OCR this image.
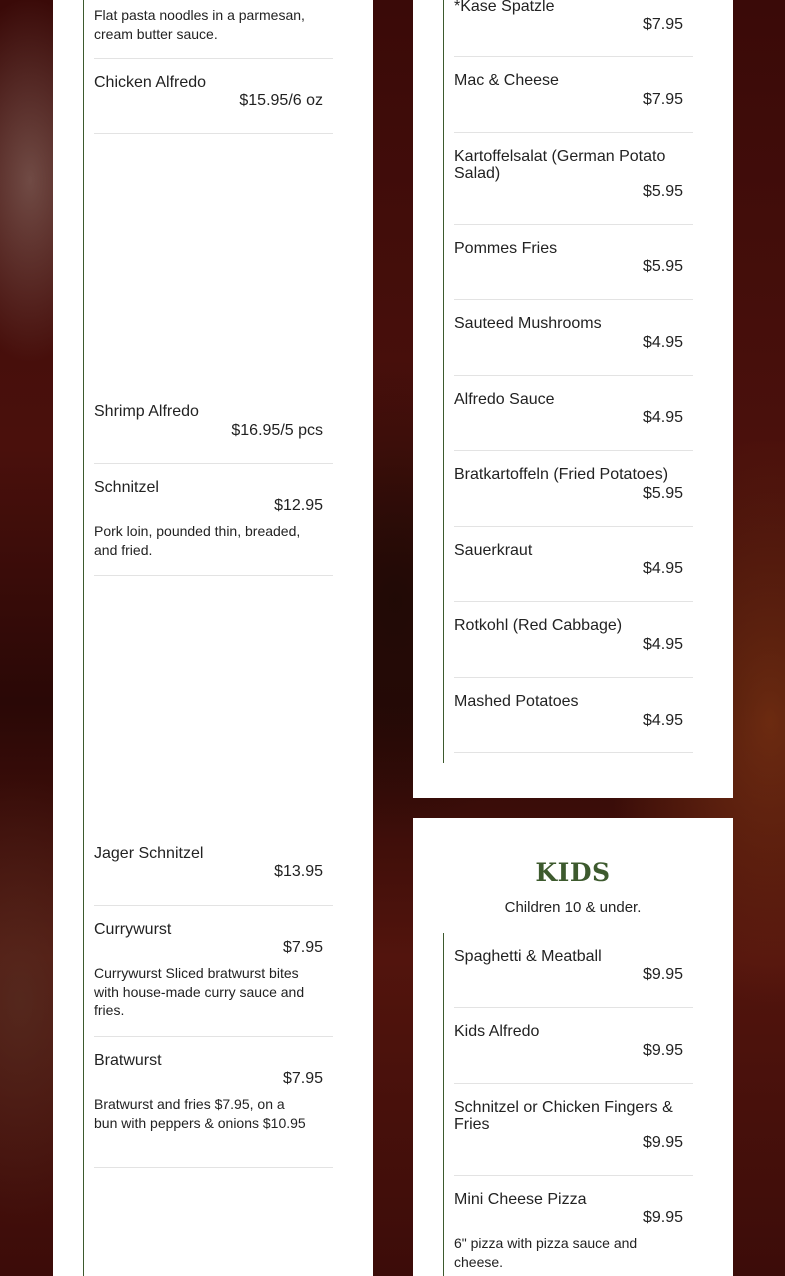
Flat pasta noodles in a parmesan, cream butter sauce.
Chicken Alfredo
$15.95/6 oz
Shrimp Alfredo
$16.95/5 pcs
Schnitzel
$12.95
Pork loin, pounded thin, breaded, and fried.
Jager Schnitzel
$13.95
Currywurst
$7.95
Currywurst Sliced bratwurst bites with house-made curry sauce and fries.
Bratwurst
$7.95
Bratwurst and fries $7.95, on a bun with peppers & onions $10.95
*Kase Spatzle
$7.95
Mac & Cheese
$7.95
Kartoffelsalat (German Potato Salad)
$5.95
Pommes Fries
$5.95
Sauteed Mushrooms
$4.95
Alfredo Sauce
$4.95
Bratkartoffeln (Fried Potatoes)
$5.95
Sauerkraut
$4.95
Rotkohl (Red Cabbage)
$4.95
Mashed Potatoes
$4.95
KIDS
Children 10 & under.
Spaghetti & Meatball
$9.95
Kids Alfredo
$9.95
Schnitzel or Chicken Fingers & Fries
$9.95
Mini Cheese Pizza
$9.95
6" pizza with pizza sauce and cheese.
